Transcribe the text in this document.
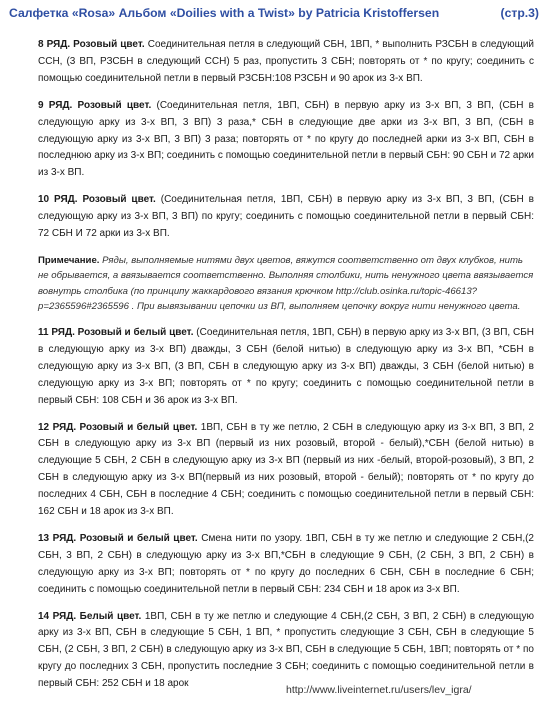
Салфетка «Rosa» Альбом «Doilies with a Twist» by Patricia Kristoffersen	(стр.3)

8 РЯД. Розовый цвет. Соединительная петля в следующий СБН, 1ВП, * выполнить РЗСБН в следующий ССН, (3 ВП, РЗСБН в следующий ССН) 5 раз, пропустить 3 СБН; повторять от * по кругу; соединить с помощью соединительной петли в первый РЗСБН:108 РЗСБН и 90 арок из 3-х ВП.

9 РЯД. Розовый цвет. (Соединительная петля, 1ВП, СБН) в первую арку из 3-х ВП, 3 ВП, (СБН в следующую арку из 3-х ВП, 3 ВП) 3 раза,* СБН в следующие две арки из 3-х ВП, 3 ВП, (СБН в следующую арку из 3-х ВП, 3 ВП) 3 раза; повторять от * по кругу до последней арки из 3-х ВП, СБН в последнюю арку из 3-х ВП; соединить с помощью соединительной петли в первый СБН: 90 СБН и 72 арки из 3-х ВП.

10 РЯД. Розовый цвет. (Соединительная петля, 1ВП, СБН) в первую арку из 3-х ВП, 3 ВП, (СБН в следующую арку из 3-х ВП, 3 ВП) по кругу; соединить с помощью соединительной петли в первый СБН: 72 СБН И 72 арки из 3-х ВП.

Примечание. Ряды, выполняемые нитями двух цветов, вяжутся соответственно от двух клубков, нить не обрывается, а ввязывается соответственно. Выполняя столбики, нить ненужного цвета ввязывается вовнутрь столбика (по принципу жаккардового вязания крючком http://club.osinka.ru/topic-46613?p=2365596#2365596 . При вывязывании цепочки из ВП, выполняем цепочку вокруг нити ненужного цвета.

11 РЯД. Розовый и белый цвет. (Соединительная петля, 1ВП, СБН) в первую арку из 3-х ВП, (3 ВП, СБН в следующую арку из 3-х ВП) дважды, 3 СБН (белой нитью) в следующую арку из 3-х ВП, *СБН в следующую арку из 3-х ВП, (3 ВП, СБН в следующую арку из 3-х ВП) дважды, 3 СБН (белой нитью) в следующую арку из 3-х ВП; повторять от * по кругу; соединить с помощью соединительной петли в первый СБН: 108 СБН и 36 арок из 3-х ВП.

12 РЯД. Розовый и белый цвет. 1ВП, СБН в ту же петлю, 2 СБН в следующую арку из 3-х ВП, 3 ВП, 2 СБН в следующую арку из 3-х ВП (первый из них розовый, второй - белый),*СБН (белой нитью) в следующие 5 СБН, 2 СБН в следующую арку из 3-х ВП (первый из них -белый, второй-розовый), 3 ВП, 2 СБН в следующую арку из 3-х ВП(первый из них розовый, второй - белый); повторять от * по кругу до последних 4 СБН, СБН в последние 4 СБН; соединить с помощью соединительной петли в первый СБН: 162 СБН и 18 арок из 3-х ВП.

13 РЯД. Розовый и белый цвет. Смена нити по узору. 1ВП, СБН в ту же петлю и следующие 2 СБН,(2 СБН, 3 ВП, 2 СБН) в следующую арку из 3-х ВП,*СБН в следующие 9 СБН, (2 СБН, 3 ВП, 2 СБН) в следующую арку из 3-х ВП; повторять от * по кругу до последних 6 СБН, СБН в последние 6 СБН; соединить с помощью соединительной петли в первый СБН: 234 СБН и 18 арок из 3-х ВП.

14 РЯД. Белый цвет. 1ВП, СБН в ту же петлю и следующие 4 СБН,(2 СБН, 3 ВП, 2 СБН) в следующую арку из 3-х ВП, СБН в следующие 5 СБН, 1 ВП, * пропустить следующие 3 СБН, СБН в следующие 5 СБН, (2 СБН, 3 ВП, 2 СБН) в следующую арку из 3-х ВП, СБН в следующие 5 СБН, 1ВП; повторять от * по кругу до последних 3 СБН, пропустить последние 3 СБН; соединить с помощью соединительной петли в первый СБН: 252 СБН и 18 арок

http://www.liveinternet.ru/users/lev_igra/
